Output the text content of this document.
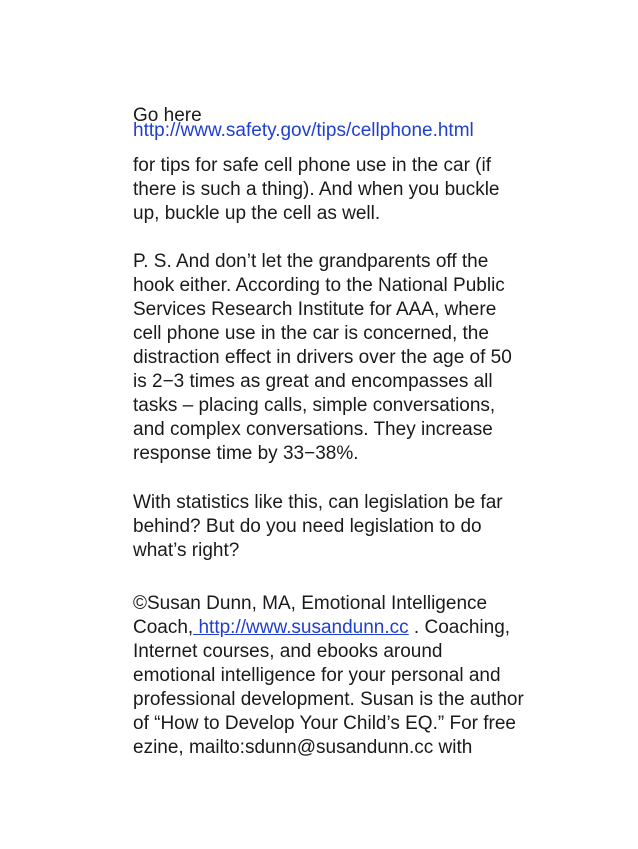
Go here
http://www.safety.gov/tips/cellphone.html
for tips for safe cell phone use in the car (if
there is such a thing). And when you buckle
up, buckle up the cell as well.
P. S. And don’t let the grandparents off the
hook either. According to the National Public
Services Research Institute for AAA, where
cell phone use in the car is concerned, the
distraction effect in drivers over the age of 50
is 2−3 times as great and encompasses all
tasks – placing calls, simple conversations,
and complex conversations. They increase
response time by 33−38%.
With statistics like this, can legislation be far
behind? But do you need legislation to do
what’s right?
©Susan Dunn, MA, Emotional Intelligence
Coach, http://www.susandunn.cc . Coaching,
Internet courses, and ebooks around
emotional intelligence for your personal and
professional development. Susan is the author
of “How to Develop Your Child’s EQ.” For free
ezine, mailto:sdunn@susandunn.cc with
